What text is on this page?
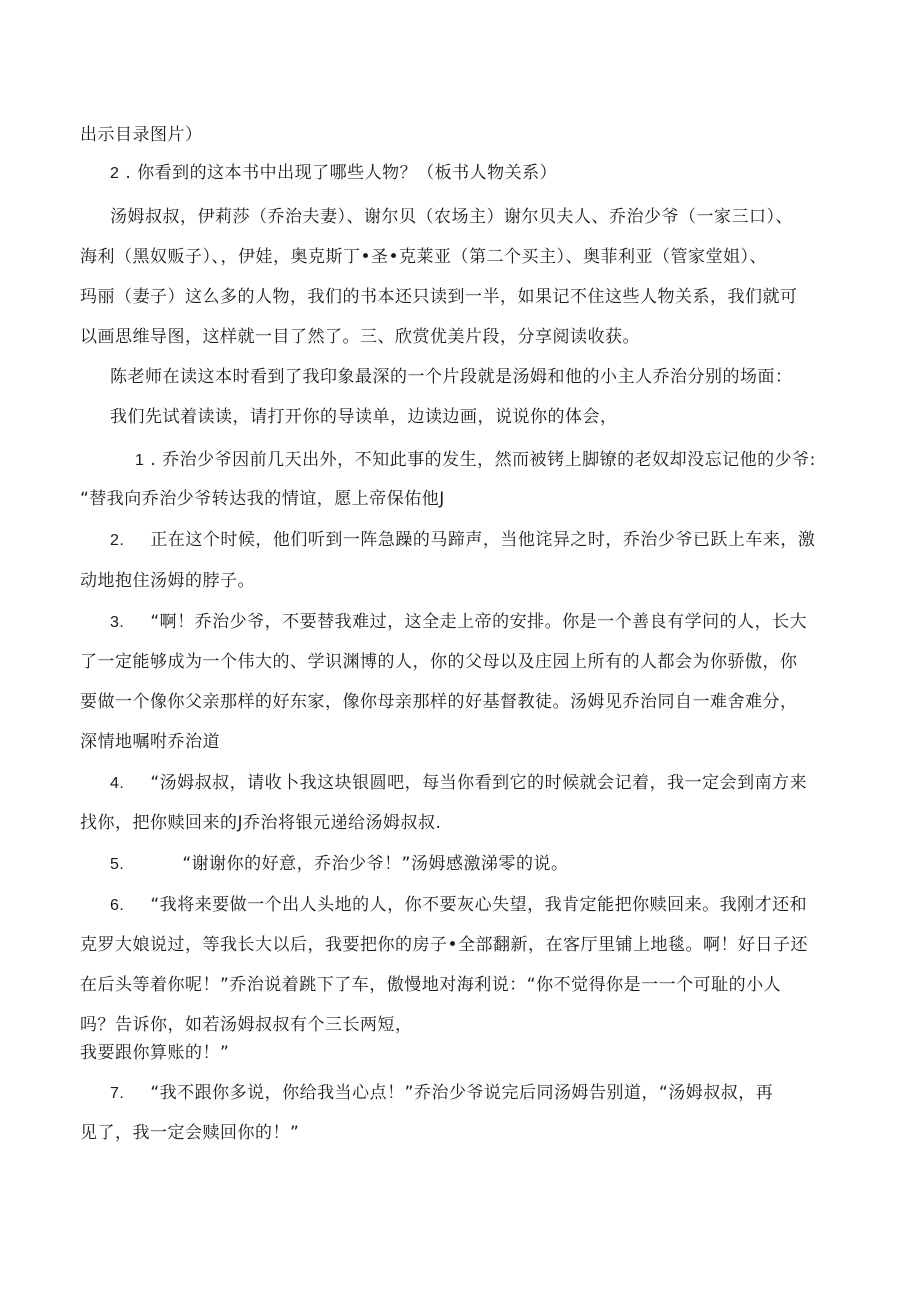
出示目录图片）
2 . 你看到的这本书中出现了哪些人物？（板书人物关系）
汤姆叔叔，伊莉莎（乔治夫妻）、谢尔贝（农场主）谢尔贝夫人、乔治少爷（一家三口）、
海利（黑奴贩子）、，伊娃，奥克斯丁•圣•克莱亚（第二个买主）、奥菲利亚（管家堂姐）、
玛丽（妻子）这么多的人物，我们的书本还只读到一半，如果记不住这些人物关系，我们就可
以画思维导图，这样就一目了然了。三、欣赏优美片段，分享阅读收获。
陈老师在读这本时看到了我印象最深的一个片段就是汤姆和他的小主人乔治分别的场面：
我们先试着读读，请打开你的导读单，边读边画，说说你的体会，
1 . 乔治少爷因前几天出外，不知此事的发生，然而被铐上脚镣的老奴却没忘记他的少爷:
“替我向乔治少爷转达我的情谊，愿上帝保佑他J
2. 正在这个时候，他们听到一阵急躁的马蹄声，当他诧异之时，乔治少爷已跃上车来，激
动地抱住汤姆的脖子。
3. “啊！乔治少爷，不要替我难过，这全走上帝的安排。你是一个善良有学问的人，长大
了一定能够成为一个伟大的、学识渊博的人，你的父母以及庄园上所有的人都会为你骄傲，你
要做一个像你父亲那样的好东家，像你母亲那样的好基督教徒。汤姆见乔治同自一难舍难分，
深情地嘱咐乔治道
4. “汤姆叔叔，请收卜我这块银圆吧，每当你看到它的时候就会记着，我一定会到南方来
找你，把你赎回来的J乔治将银元递给汤姆叔叔.
5.	“谢谢你的好意，乔治少爷！”汤姆感激涕零的说。
6. “我将来要做一个出人头地的人，你不要灰心失望，我肯定能把你赎回来。我刚才还和
克罗大娘说过，等我长大以后，我要把你的房子•全部翻新，在客厅里铺上地毯。啊！好日子还
在后头等着你呢！”乔治说着跳下了车，傲慢地对海利说：“你不觉得你是一一个可耻的小人
吗？告诉你，如若汤姆叔叔有个三长两短，
我要跟你算账的！”
7. “我不跟你多说，你给我当心点！”乔治少爷说完后同汤姆告别道，“汤姆叔叔，再
见了，我一定会赎回你的！”
